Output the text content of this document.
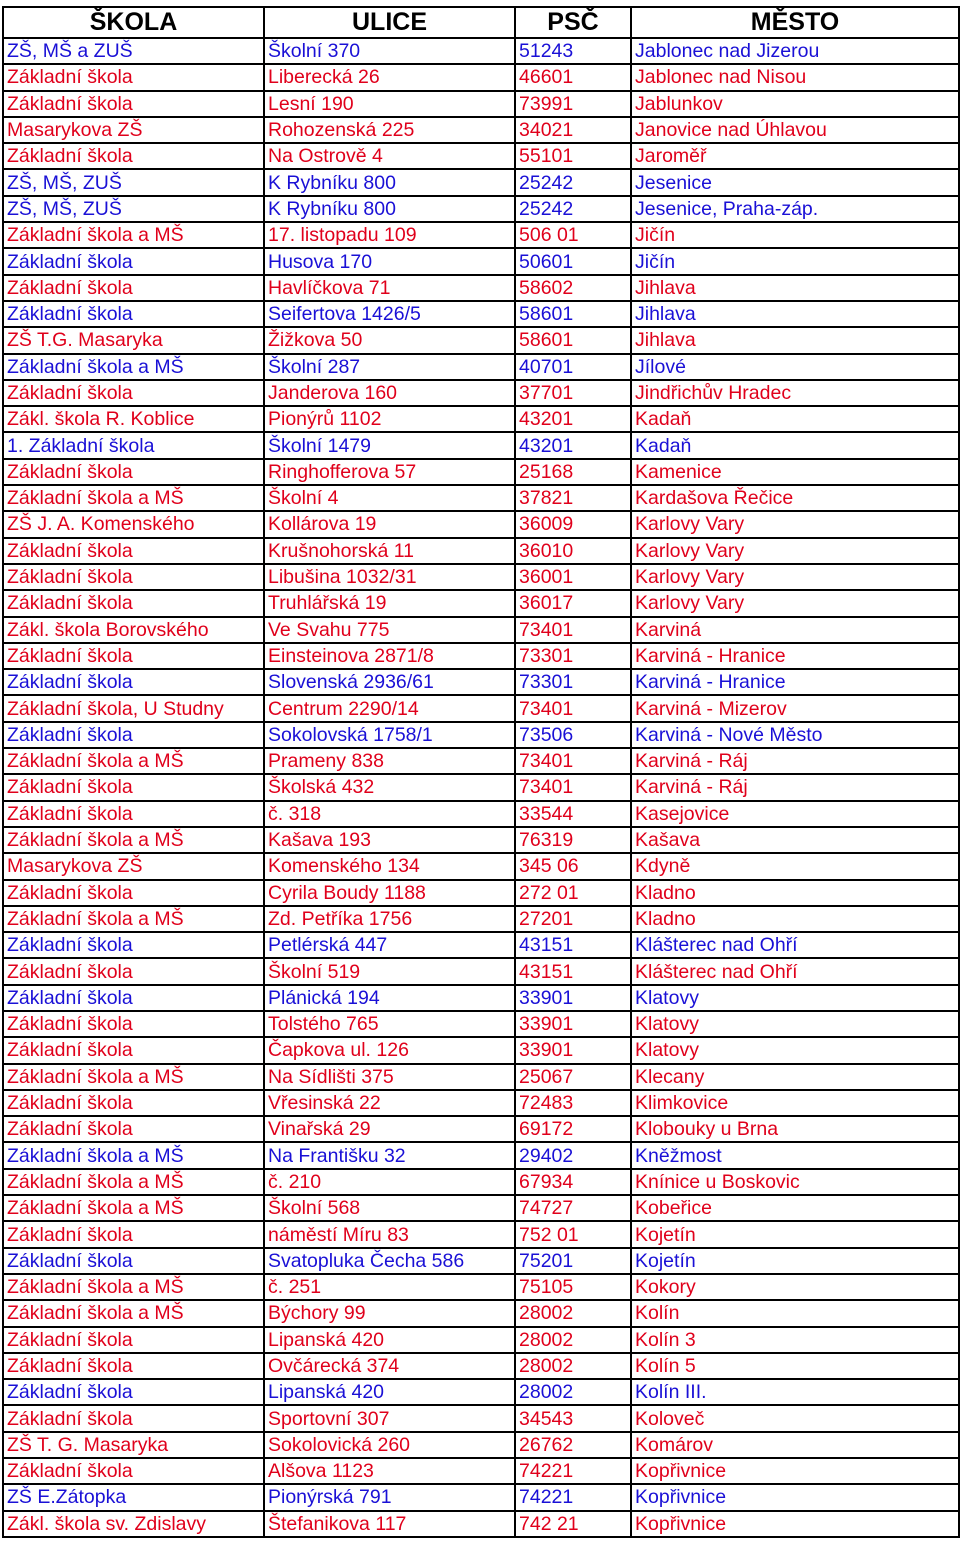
ŠKOLA	ULICE	PSČ	MĚSTO
ZŠ, MŠ a ZUŠ	Školní 370	51243	Jablonec nad Jizerou
Základní škola	Liberecká 26	46601	Jablonec nad Nisou
Základní škola	Lesní 190	73991	Jablunkov
Masarykova ZŠ	Rohozenská 225	34021	Janovice nad Úhlavou
Základní škola	Na Ostrově 4	55101	Jaroměř
ZŠ, MŠ, ZUŠ	K Rybníku 800	25242	Jesenice
ZŠ, MŠ, ZUŠ	K Rybníku 800	25242	Jesenice, Praha-záp.
Základní škola a MŠ	17. listopadu 109	506 01	Jičín
Základní škola	Husova 170	50601	Jičín
Základní škola	Havlíčkova 71	58602	Jihlava
Základní škola	Seifertova 1426/5	58601	Jihlava
ZŠ T.G. Masaryka	Žižkova 50	58601	Jihlava
Základní škola a MŠ	Školní 287	40701	Jílové
Základní škola	Janderova 160	37701	Jindřichův Hradec
Zákl. škola R. Koblice	Pionýrů 1102	43201	Kadaň
1. Základní škola	Školní 1479	43201	Kadaň
Základní škola	Ringhofferova 57	25168	Kamenice
Základní škola a MŠ	Školní 4	37821	Kardašova Řečice
ZŠ J. A. Komenského	Kollárova 19	36009	Karlovy Vary
Základní škola	Krušnohorská 11	36010	Karlovy Vary
Základní škola	Libušina 1032/31	36001	Karlovy Vary
Základní škola	Truhlářská 19	36017	Karlovy Vary
Zákl. škola Borovského	Ve Svahu 775	73401	Karviná
Základní škola	Einsteinova 2871/8	73301	Karviná - Hranice
Základní škola	Slovenská 2936/61	73301	Karviná - Hranice
Základní škola, U Studny	Centrum 2290/14	73401	Karviná - Mizerov
Základní škola	Sokolovská 1758/1	73506	Karviná - Nové Město
Základní škola a MŠ	Prameny 838	73401	Karviná - Ráj
Základní škola	Školská 432	73401	Karviná - Ráj
Základní škola	č. 318	33544	Kasejovice
Základní škola a MŠ	Kašava 193	76319	Kašava
Masarykova ZŠ	Komenského 134	345 06	Kdyně
Základní škola	Cyrila Boudy 1188	272 01	Kladno
Základní škola a MŠ	Zd. Petříka 1756	27201	Kladno
Základní škola	Petlérská 447	43151	Klášterec nad Ohří
Základní škola	Školní 519	43151	Klášterec nad Ohří
Základní škola	Plánická 194	33901	Klatovy
Základní škola	Tolstého 765	33901	Klatovy
Základní škola	Čapkova ul. 126	33901	Klatovy
Základní škola a MŠ	Na Sídlišti 375	25067	Klecany
Základní škola	Vřesinská 22	72483	Klimkovice
Základní škola	Vinařská 29	69172	Klobouky u Brna
Základní škola a MŠ	Na Františku 32	29402	Kněžmost
Základní škola a MŠ	č. 210	67934	Knínice u Boskovic
Základní škola a MŠ	Školní 568	74727	Kobeřice
Základní škola	náměstí Míru 83	752 01	Kojetín
Základní škola	Svatopluka Čecha 586	75201	Kojetín
Základní škola a MŠ	č. 251	75105	Kokory
Základní škola a MŠ	Býchory 99	28002	Kolín
Základní škola	Lipanská 420	28002	Kolín 3
Základní škola	Ovčárecká 374	28002	Kolín 5
Základní škola	Lipanská 420	28002	Kolín III.
Základní škola	Sportovní 307	34543	Koloveč
ZŠ T. G. Masaryka	Sokolovická 260	26762	Komárov
Základní škola	Alšova 1123	74221	Kopřivnice
ZŠ E.Zátopka	Pionýrská 791	74221	Kopřivnice
Zákl. škola sv. Zdislavy	Štefanikova 117	742 21	Kopřivnice
